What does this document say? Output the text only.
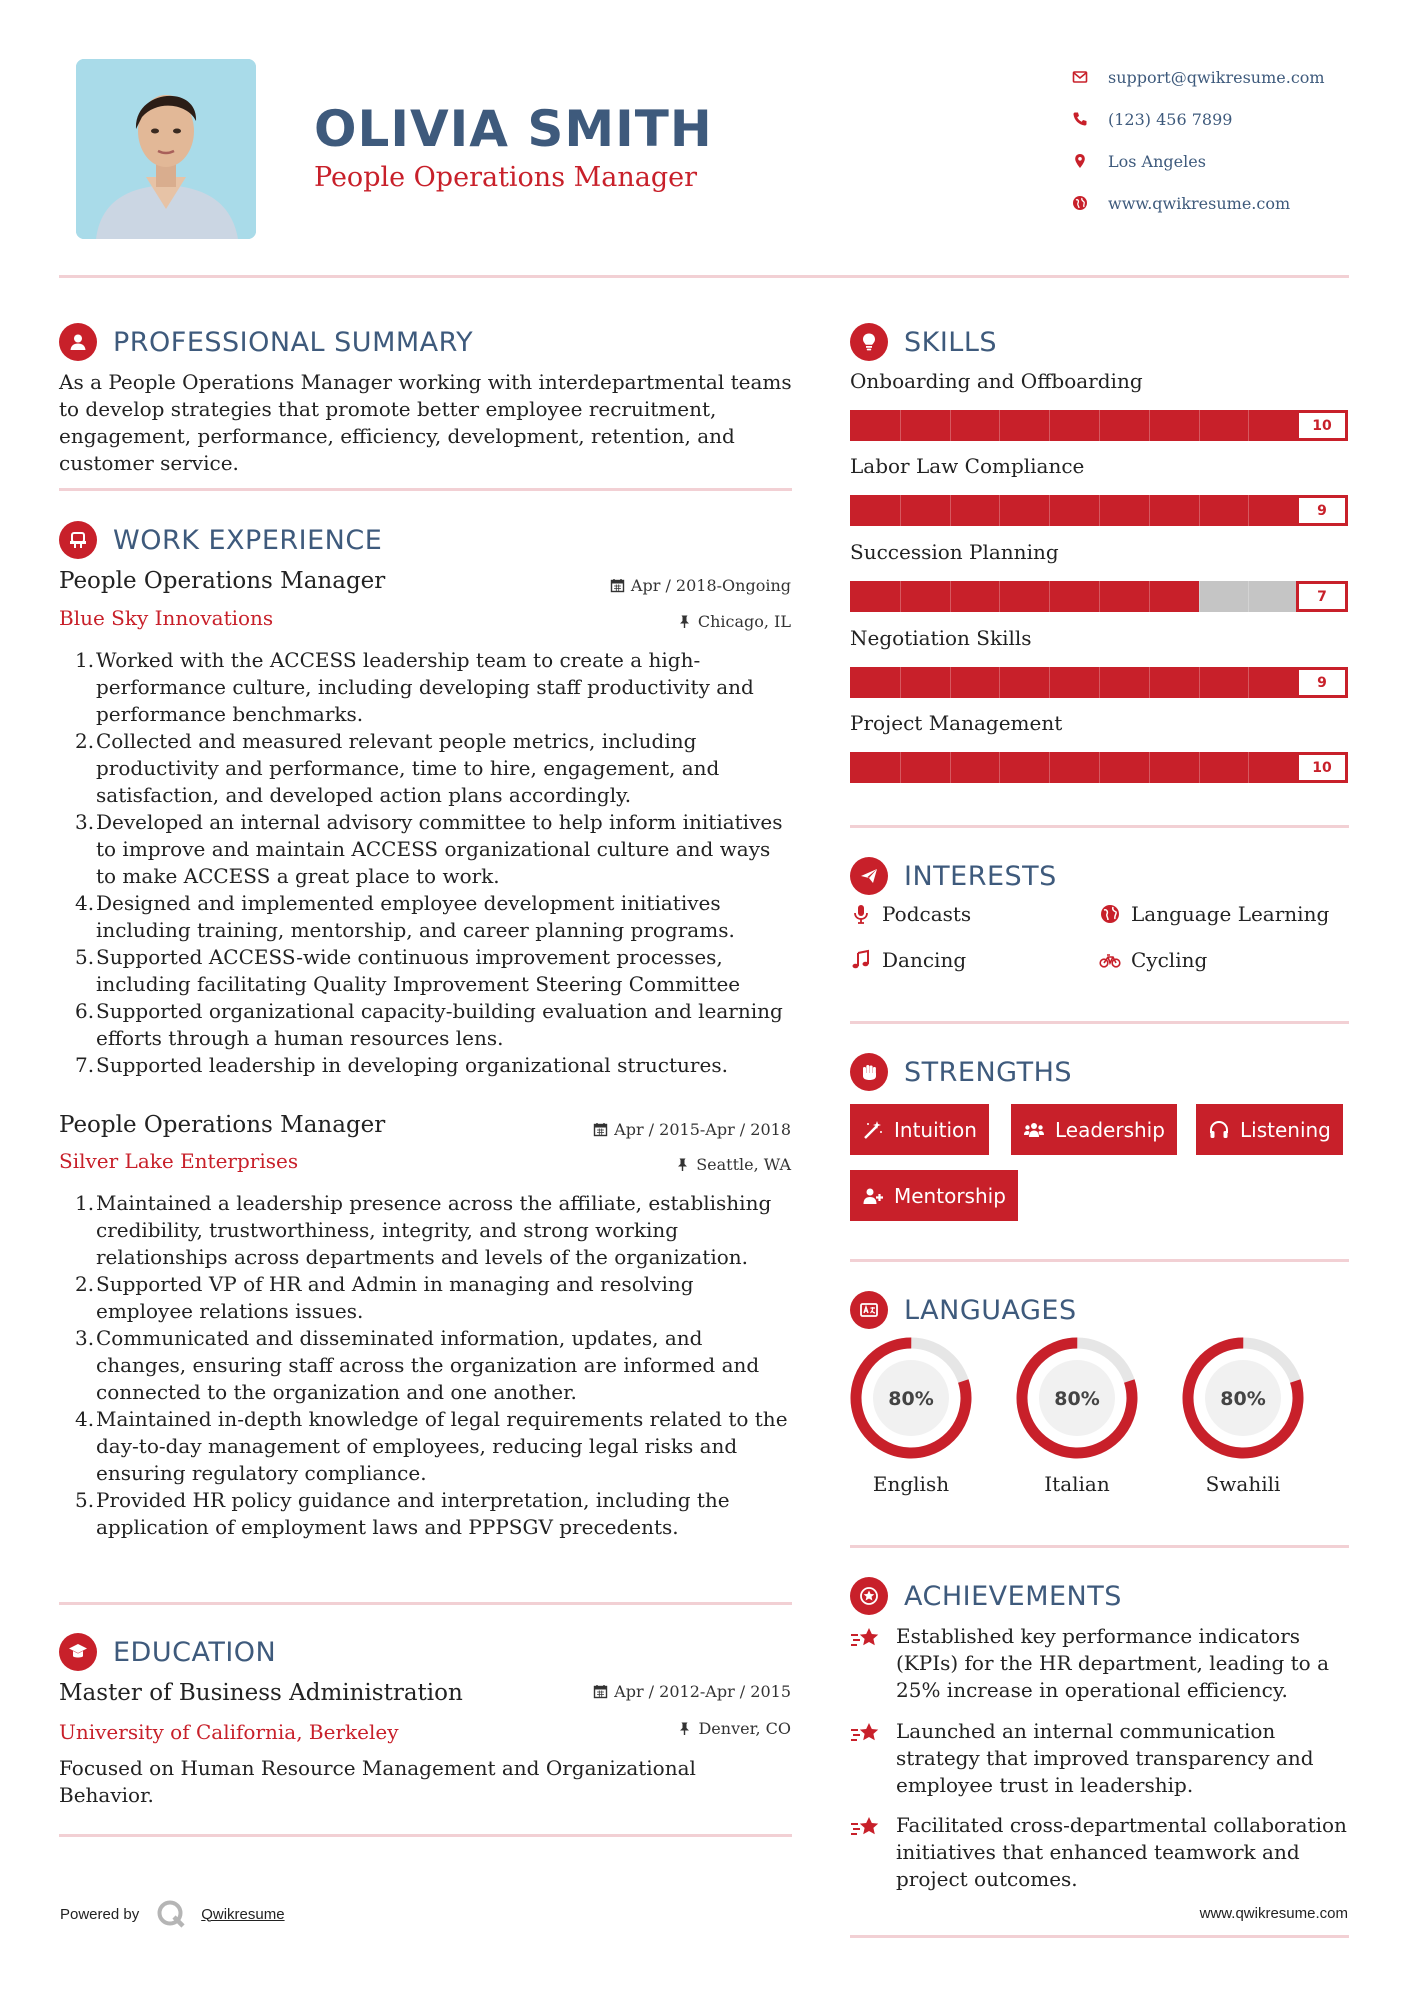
OLIVIA SMITH
People Operations Manager
support@qwikresume.com
(123) 456 7899
Los Angeles
www.qwikresume.com
PROFESSIONAL SUMMARY
As a People Operations Manager working with interdepartmental teams to develop strategies that promote better employee recruitment, engagement, performance, efficiency, development, retention, and customer service.
WORK EXPERIENCE
People Operations Manager	Apr / 2018-Ongoing
Blue Sky Innovations	Chicago, IL
Worked with the ACCESS leadership team to create a high-performance culture, including developing staff productivity and performance benchmarks.
Collected and measured relevant people metrics, including productivity and performance, time to hire, engagement, and satisfaction, and developed action plans accordingly.
Developed an internal advisory committee to help inform initiatives to improve and maintain ACCESS organizational culture and ways to make ACCESS a great place to work.
Designed and implemented employee development initiatives including training, mentorship, and career planning programs.
Supported ACCESS-wide continuous improvement processes, including facilitating Quality Improvement Steering Committee
Supported organizational capacity-building evaluation and learning efforts through a human resources lens.
Supported leadership in developing organizational structures.
People Operations Manager	Apr / 2015-Apr / 2018
Silver Lake Enterprises	Seattle, WA
Maintained a leadership presence across the affiliate, establishing credibility, trustworthiness, integrity, and strong working relationships across departments and levels of the organization.
Supported VP of HR and Admin in managing and resolving employee relations issues.
Communicated and disseminated information, updates, and changes, ensuring staff across the organization are informed and connected to the organization and one another.
Maintained in-depth knowledge of legal requirements related to the day-to-day management of employees, reducing legal risks and ensuring regulatory compliance.
Provided HR policy guidance and interpretation, including the application of employment laws and PPPSGV precedents.
EDUCATION
Master of Business Administration	Apr / 2012-Apr / 2015
University of California, Berkeley	Denver, CO
Focused on Human Resource Management and Organizational Behavior.
SKILLS
Onboarding and Offboarding
10
Labor Law Compliance
9
Succession Planning
7
Negotiation Skills
9
Project Management
10
INTERESTS
Podcasts	Language Learning
Dancing	Cycling
STRENGTHS
Intuition	Leadership	Listening
Mentorship
LANGUAGES
80%
English
80%
Italian
80%
Swahili
ACHIEVEMENTS
Established key performance indicators (KPIs) for the HR department, leading to a 25% increase in operational efficiency.
Launched an internal communication strategy that improved transparency and employee trust in leadership.
Facilitated cross-departmental collaboration initiatives that enhanced teamwork and project outcomes.
Powered by	Qwikresume	www.qwikresume.com
